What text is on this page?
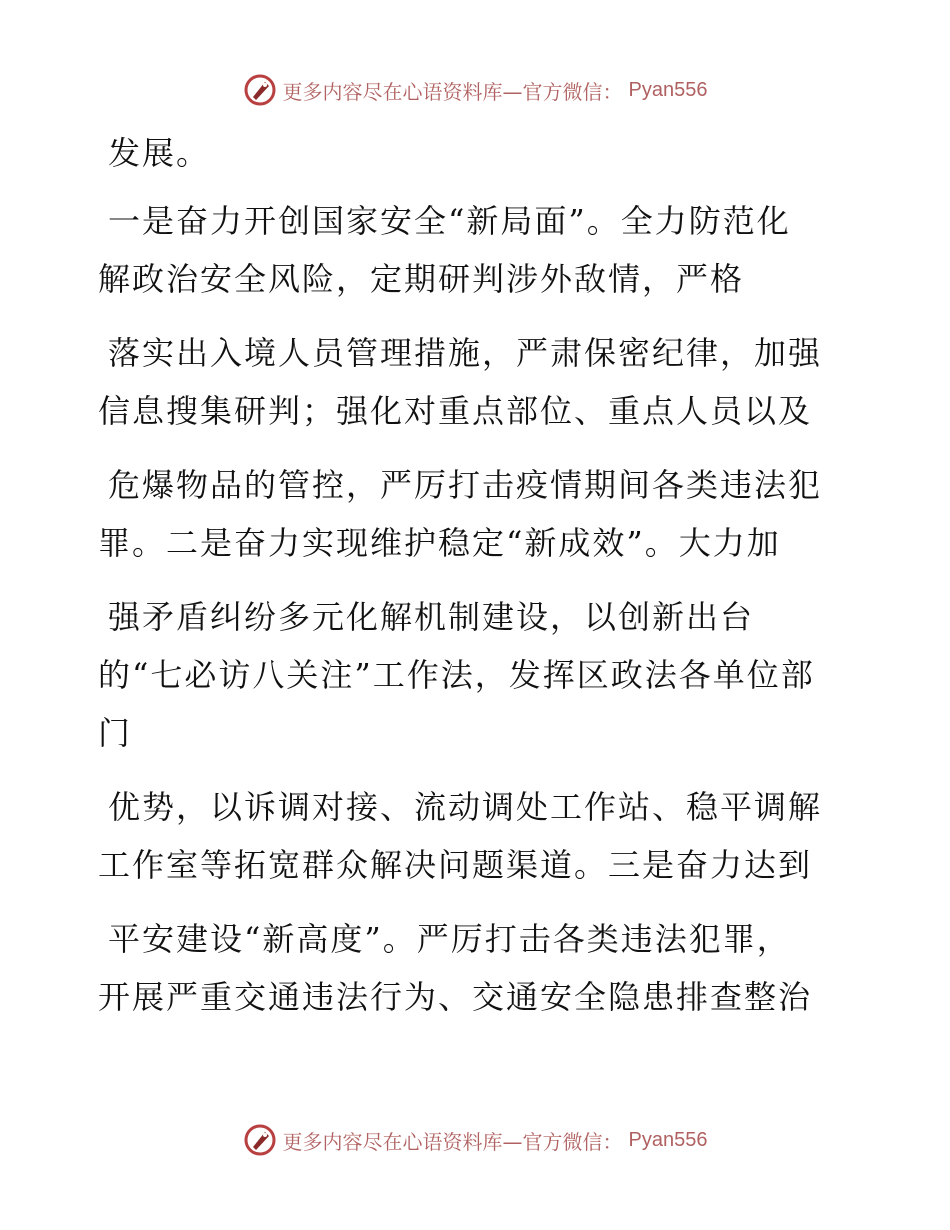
更多内容尽在心语资料库—官方微信： Pyan556
发展。
一是奋力开创国家安全“新局面”。全力防范化
解政治安全风险，定期研判涉外敌情，严格
落实出入境人员管理措施，严肃保密纪律，加强
信息搜集研判；强化对重点部位、重点人员以及
危爆物品的管控，严厉打击疫情期间各类违法犯
罪。二是奋力实现维护稳定“新成效”。大力加
强矛盾纠纷多元化解机制建设，以创新出台
的“七必访八关注”工作法，发挥区政法各单位部
门
优势，以诉调对接、流动调处工作站、稳平调解
工作室等拓宽群众解决问题渠道。三是奋力达到
平安建设“新高度”。严厉打击各类违法犯罪，
开展严重交通违法行为、交通安全隐患排查整治
更多内容尽在心语资料库—官方微信： Pyan556
